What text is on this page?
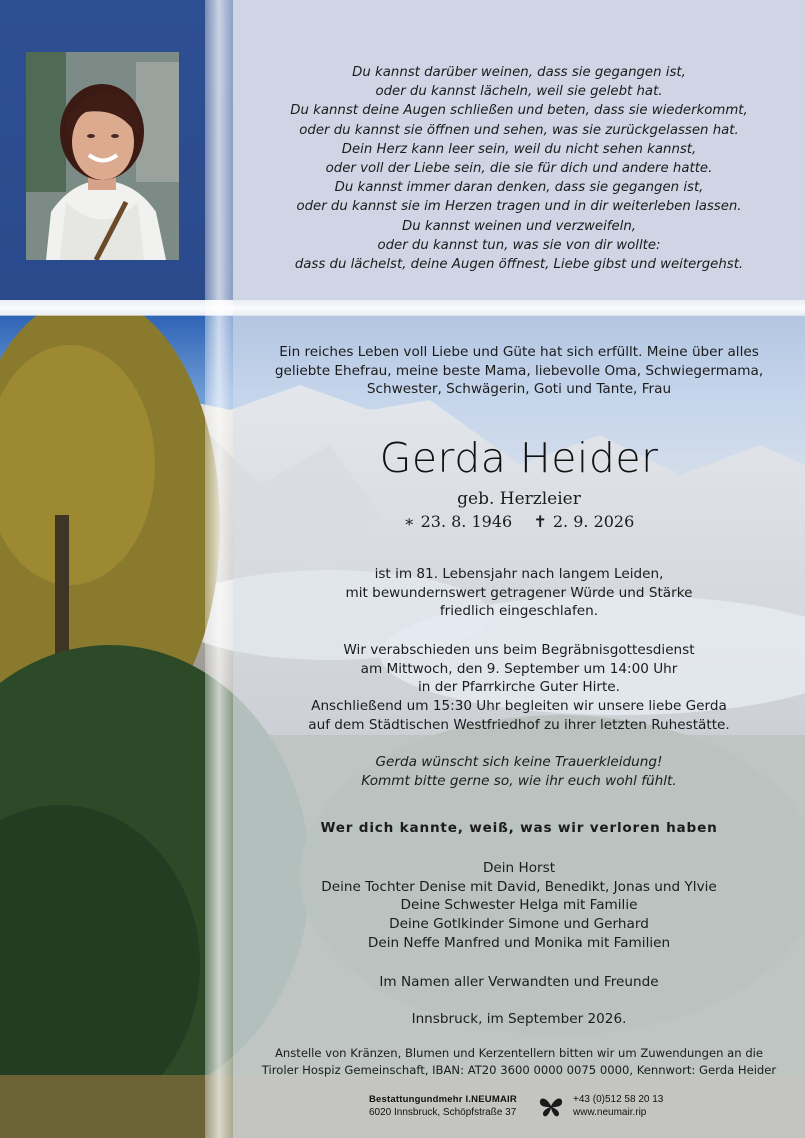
Du kannst darüber weinen, dass sie gegangen ist,
oder du kannst lächeln, weil sie gelebt hat.
Du kannst deine Augen schließen und beten, dass sie wiederkommt,
oder du kannst sie öffnen und sehen, was sie zurückgelassen hat.
Dein Herz kann leer sein, weil du nicht sehen kannst,
oder voll der Liebe sein, die sie für dich und andere hatte.
Du kannst immer daran denken, dass sie gegangen ist,
oder du kannst sie im Herzen tragen und in dir weiterleben lassen.
Du kannst weinen und verzweifeln,
oder du kannst tun, was sie von dir wollte:
dass du lächelst, deine Augen öffnest, Liebe gibst und weitergehst.
Ein reiches Leben voll Liebe und Güte hat sich erfüllt. Meine über alles
geliebte Ehefrau, meine beste Mama, liebevolle Oma, Schwiegermama,
Schwester, Schwägerin, Goti und Tante, Frau
Gerda Heider
geb. Herzleier
∗ 23. 8. 1946 ✝ 2. 9. 2026
ist im 81. Lebensjahr nach langem Leiden,
mit bewundernswert getragener Würde und Stärke
friedlich eingeschlafen.
Wir verabschieden uns beim Begräbnisgottesdienst
am Mittwoch, den 9. September um 14:00 Uhr
in der Pfarrkirche Guter Hirte.
Anschließend um 15:30 Uhr begleiten wir unsere liebe Gerda
auf dem Städtischen Westfriedhof zu ihrer letzten Ruhestätte.
Gerda wünscht sich keine Trauerkleidung!
Kommt bitte gerne so, wie ihr euch wohl fühlt.
Wer dich kannte, weiß, was wir verloren haben
Dein Horst
Deine Tochter Denise mit David, Benedikt, Jonas und Ylvie
Deine Schwester Helga mit Familie
Deine Gotlkinder Simone und Gerhard
Dein Neffe Manfred und Monika mit Familien
Im Namen aller Verwandten und Freunde
Innsbruck, im September 2026.
Anstelle von Kränzen, Blumen und Kerzentellern bitten wir um Zuwendungen an die
Tiroler Hospiz Gemeinschaft, IBAN: AT20 3600 0000 0075 0000, Kennwort: Gerda Heider
Bestattungundmehr I.NEUMAIR
6020 Innsbruck, Schöpfstraße 37
+43 (0)512 58 20 13
www.neumair.rip
